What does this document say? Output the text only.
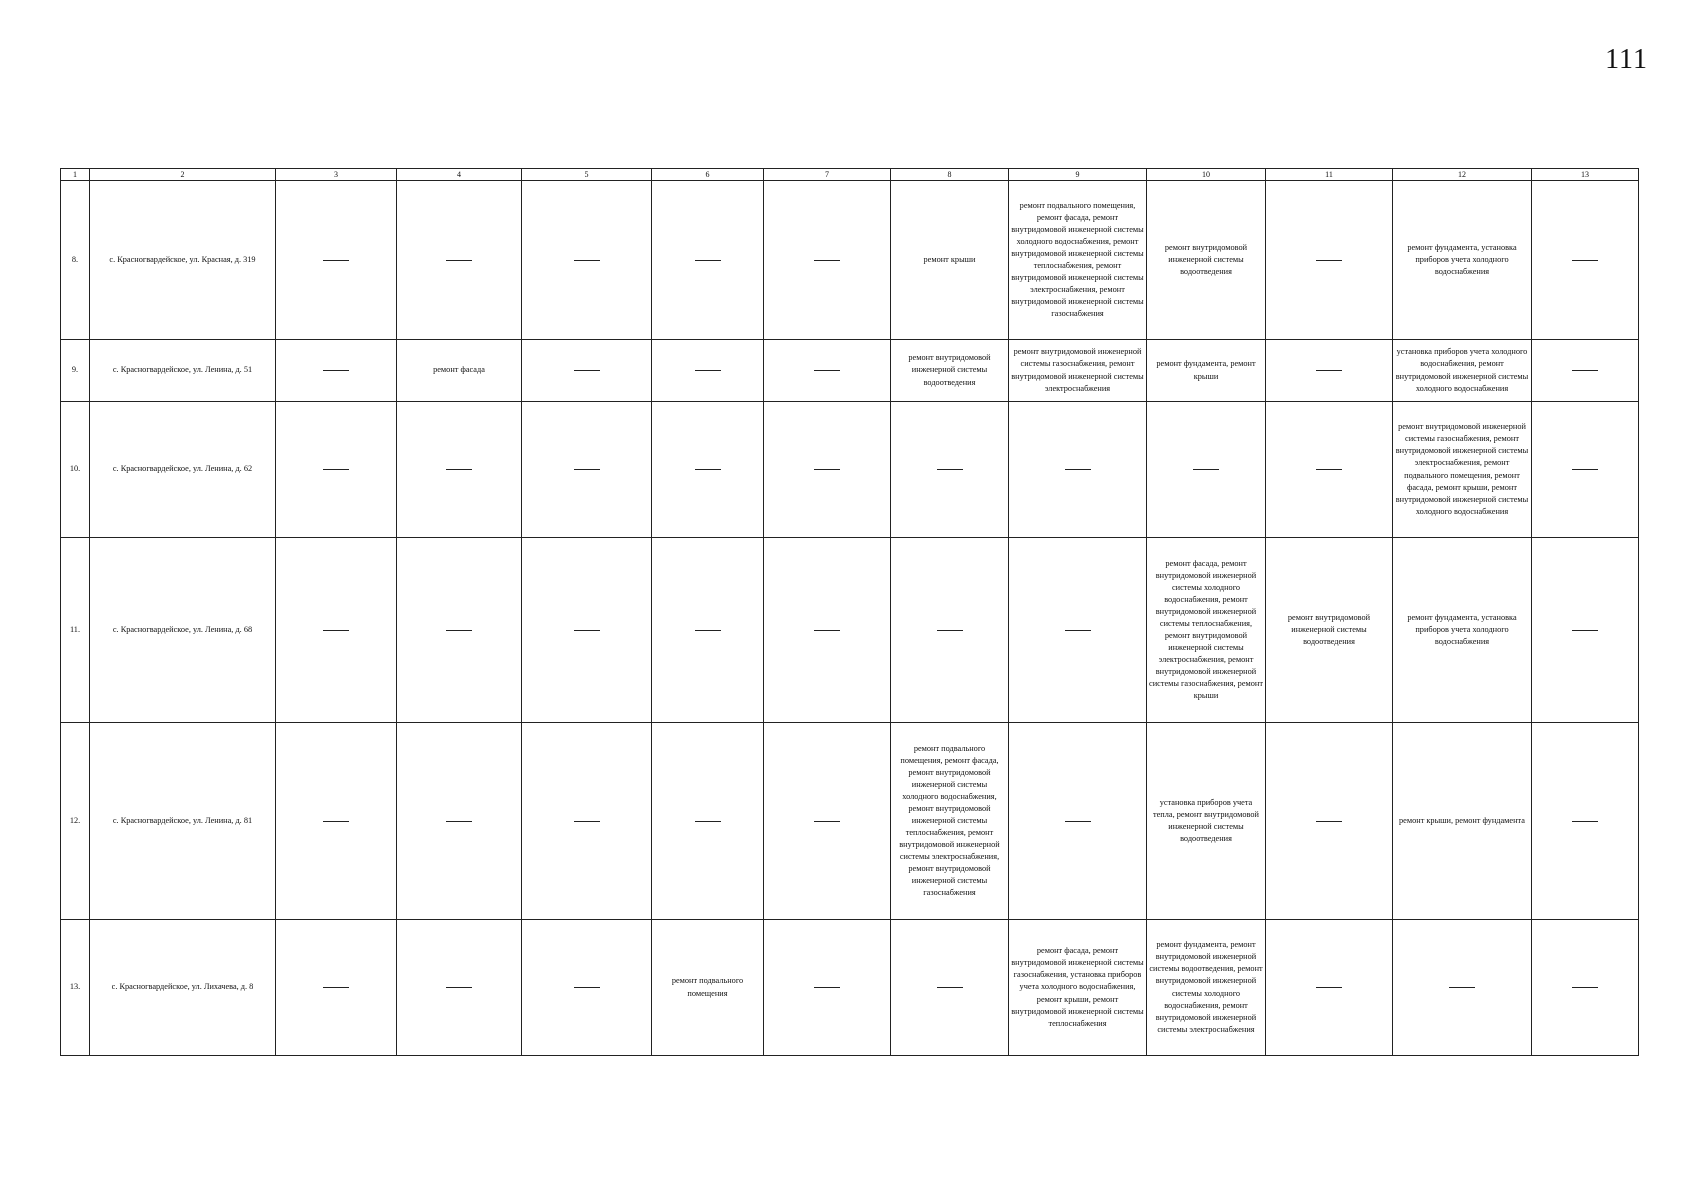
111
1	2	3	4	5	6	7	8	9	10	11	12	13
8.	с. Красногвардейское, ул. Красная, д. 319						ремонт крыши	ремонт подвального помещения, ремонт фасада, ремонт внутридомовой инженерной системы холодного водоснабжения, ремонт внутридомовой инженерной системы теплоснабжения, ремонт внутридомовой инженерной системы электроснабжения, ремонт внутридомовой инженерной системы газоснабжения	ремонт внутридомовой инженерной системы водоотведения		ремонт фундамента, установка приборов учета холодного водоснабжения	
9.	с. Красногвардейское, ул. Ленина, д. 51		ремонт фасада				ремонт внутридомовой инженерной системы водоотведения	ремонт внутридомовой инженерной системы газоснабжения, ремонт внутридомовой инженерной системы электроснабжения	ремонт фундамента, ремонт крыши		установка приборов учета холодного водоснабжения, ремонт внутридомовой инженерной системы холодного водоснабжения	
10.	с. Красногвардейское, ул. Ленина, д. 62										ремонт внутридомовой инженерной системы газоснабжения, ремонт внутридомовой инженерной системы электроснабжения, ремонт подвального помещения, ремонт фасада, ремонт крыши, ремонт внутридомовой инженерной системы холодного водоснабжения	
11.	с. Красногвардейское, ул. Ленина, д. 68								ремонт фасада, ремонт внутридомовой инженерной системы холодного водоснабжения, ремонт внутридомовой инженерной системы теплоснабжения, ремонт внутридомовой инженерной системы электроснабжения, ремонт внутридомовой инженерной системы газоснабжения, ремонт крыши	ремонт внутридомовой инженерной системы водоотведения	ремонт фундамента, установка приборов учета холодного водоснабжения	
12.	с. Красногвардейское, ул. Ленина, д. 81						ремонт подвального помещения, ремонт фасада, ремонт внутридомовой инженерной системы холодного водоснабжения, ремонт внутридомовой инженерной системы теплоснабжения, ремонт внутридомовой инженерной системы электроснабжения, ремонт внутридомовой инженерной системы газоснабжения		установка приборов учета тепла, ремонт внутридомовой инженерной системы водоотведения		ремонт крыши, ремонт фундамента	
13.	с. Красногвардейское, ул. Лихачева, д. 8				ремонт подвального помещения			ремонт фасада, ремонт внутридомовой инженерной системы газоснабжения, установка приборов учета холодного водоснабжения, ремонт крыши, ремонт внутридомовой инженерной системы теплоснабжения	ремонт фундамента, ремонт внутридомовой инженерной системы водоотведения, ремонт внутридомовой инженерной системы холодного водоснабжения, ремонт внутридомовой инженерной системы электроснабжения			
